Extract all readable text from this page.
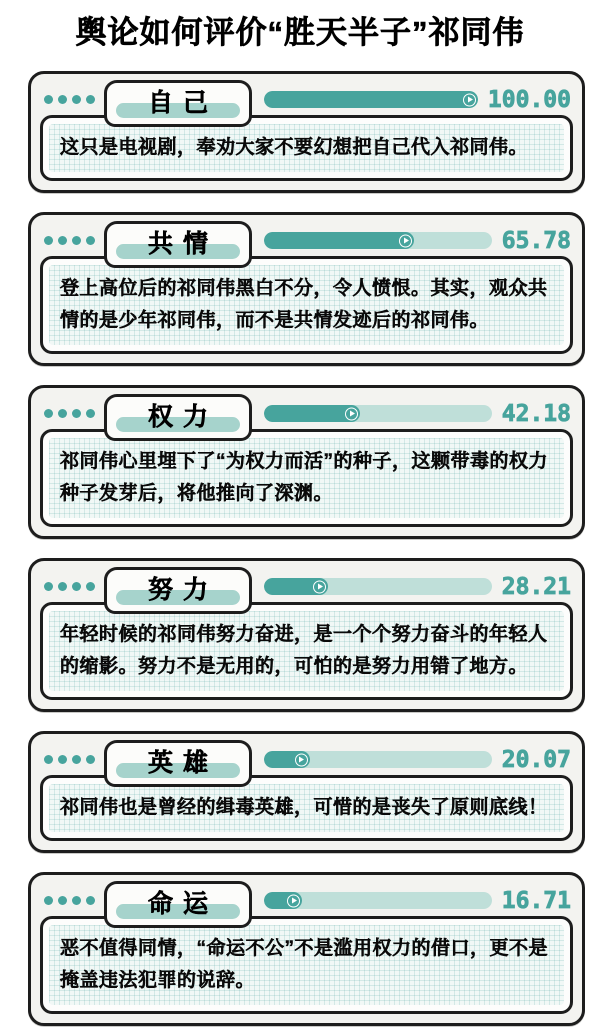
舆论如何评价“胜天半子”祁同伟
自己	100.00

这只是电视剧，奉劝大家不要幻想把自己代入祁同伟。

共情	65.78

登上高位后的祁同伟黑白不分，令人愤恨。其实，观众共情的是少年祁同伟，而不是共情发迹后的祁同伟。

权力	42.18

祁同伟心里埋下了“为权力而活”的种子，这颗带毒的权力种子发芽后，将他推向了深渊。

努力	28.21

年轻时候的祁同伟努力奋进，是一个个努力奋斗的年轻人的缩影。努力不是无用的，可怕的是努力用错了地方。

英雄	20.07

祁同伟也是曾经的缉毒英雄，可惜的是丧失了原则底线！

命运	16.71

恶不值得同情，“命运不公”不是滥用权力的借口，更不是掩盖违法犯罪的说辞。
